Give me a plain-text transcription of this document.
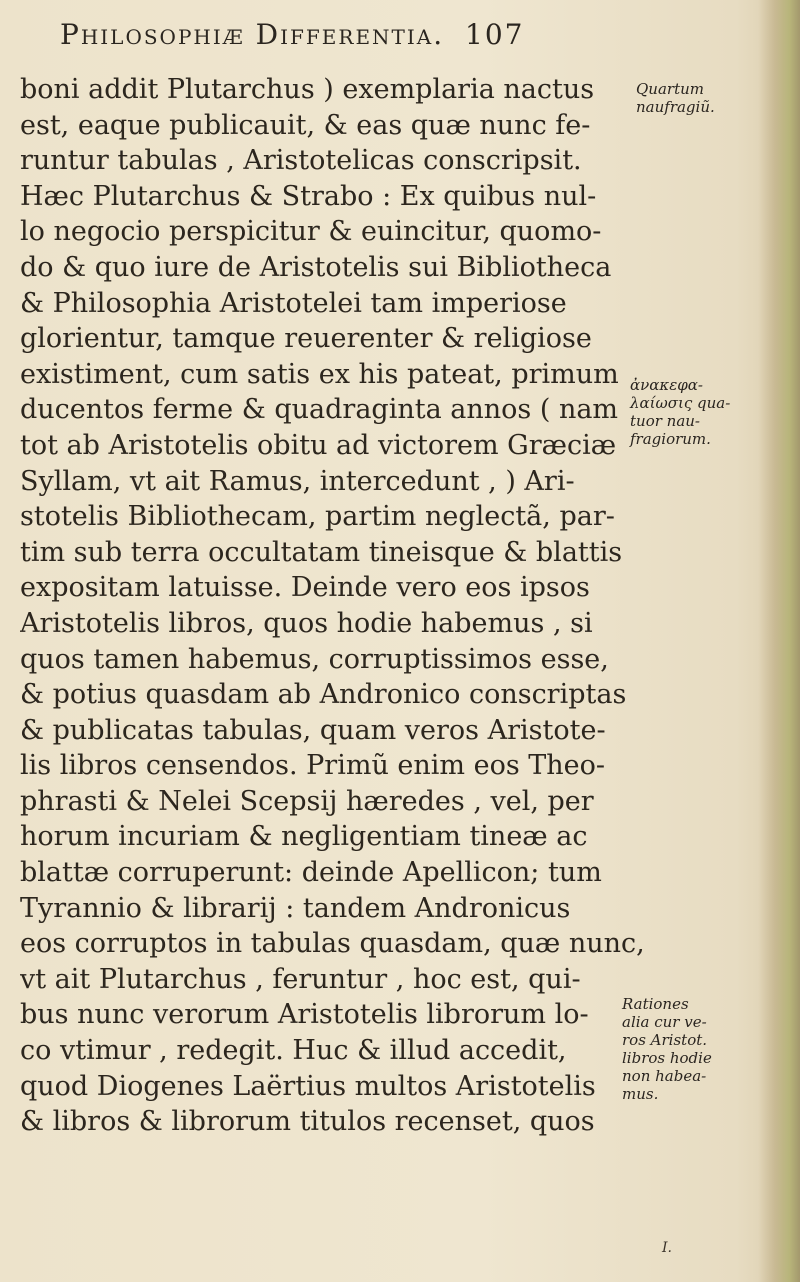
Philosophiæ Differentia. 107
boni addit Plutarchus ) exemplaria nactus
est, eaque publicauit, & eas quæ nunc fe-
runtur tabulas , Aristotelicas conscripsit.
Hæc Plutarchus & Strabo : Ex quibus nul-
lo negocio perspicitur & euincitur, quomo-
do & quo iure de Aristotelis sui Bibliotheca
& Philosophia Aristotelei tam imperiose
glorientur, tamque reuerenter & religiose
existiment, cum satis ex his pateat, primum
ducentos ferme & quadraginta annos ( nam
tot ab Aristotelis obitu ad victorem Græciæ
Syllam, vt ait Ramus, intercedunt , ) Ari-
stotelis Bibliothecam, partim neglectã, par-
tim sub terra occultatam tineisque & blattis
expositam latuisse. Deinde vero eos ipsos
Aristotelis libros, quos hodie habemus , si
quos tamen habemus, corruptissimos esse,
& potius quasdam ab Andronico conscriptas
& publicatas tabulas, quam veros Aristote-
lis libros censendos. Primũ enim eos Theo-
phrasti & Nelei Scepsij hæredes , vel, per
horum incuriam & negligentiam tineæ ac
blattæ corruperunt: deinde Apellicon; tum
Tyrannio & librarij : tandem Andronicus
eos corruptos in tabulas quasdam, quæ nunc,
vt ait Plutarchus , feruntur , hoc est, qui-
bus nunc verorum Aristotelis librorum lo-
co vtimur , redegit. Huc & illud accedit,
quod Diogenes Laërtius multos Aristotelis
& libros & librorum titulos recenset, quos
Quartum
naufragiũ.
ἀνακεφα-
λαίωσις qua-
tuor nau-
fragiorum.
Rationes
alia cur ve-
ros Aristot.
libros hodie
non habea-
mus.
I.
